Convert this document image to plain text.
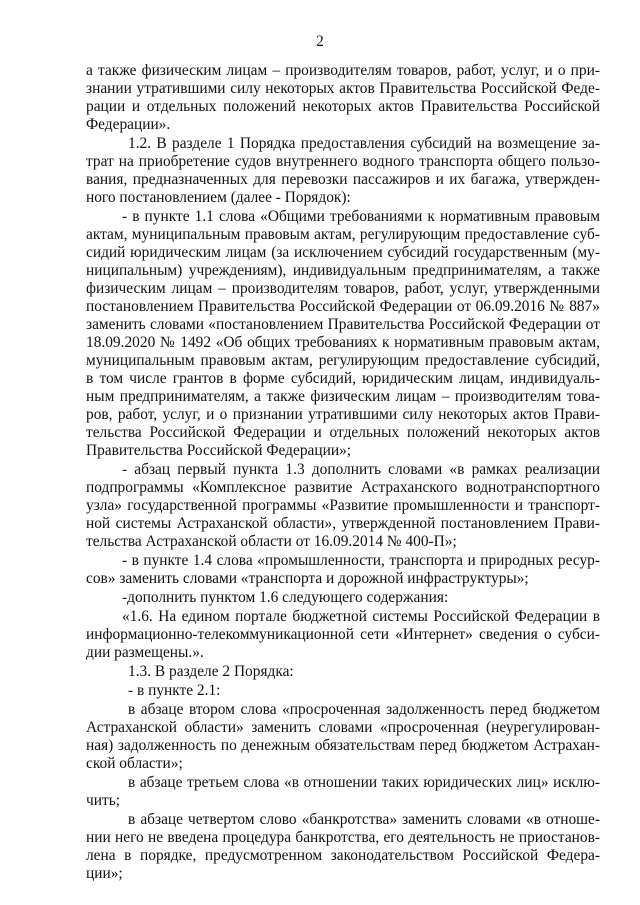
2

а также физическим лицам – производителям товаров, работ, услуг, и о признании утратившими силу некоторых актов Правительства Российской Федерации и отдельных положений некоторых актов Правительства Российской Федерации».

1.2. В разделе 1 Порядка предоставления субсидий на возмещение затрат на приобретение судов внутреннего водного транспорта общего пользования, предназначенных для перевозки пассажиров и их багажа, утвержденного постановлением (далее - Порядок):

- в пункте 1.1 слова «Общими требованиями к нормативным правовым актам, муниципальным правовым актам, регулирующим предоставление субсидий юридическим лицам (за исключением субсидий государственным (муниципальным) учреждениям), индивидуальным предпринимателям, а также физическим лицам – производителям товаров, работ, услуг, утвержденными постановлением Правительства Российской Федерации от 06.09.2016 № 887» заменить словами «постановлением Правительства Российской Федерации от 18.09.2020 № 1492 «Об общих требованиях к нормативным правовым актам, муниципальным правовым актам, регулирующим предоставление субсидий, в том числе грантов в форме субсидий, юридическим лицам, индивидуальным предпринимателям, а также физическим лицам – производителям товаров, работ, услуг, и о признании утратившими силу некоторых актов Правительства Российской Федерации и отдельных положений некоторых актов Правительства Российской Федерации»;

- абзац первый пункта 1.3 дополнить словами «в рамках реализации подпрограммы «Комплексное развитие Астраханского воднотранспортного узла» государственной программы «Развитие промышленности и транспортной системы Астраханской области», утвержденной постановлением Правительства Астраханской области от 16.09.2014 № 400-П»;

- в пункте 1.4 слова «промышленности, транспорта и природных ресурсов» заменить словами «транспорта и дорожной инфраструктуры»;

-дополнить пунктом 1.6 следующего содержания:

«1.6. На едином портале бюджетной системы Российской Федерации в информационно-телекоммуникационной сети «Интернет» сведения о субсидии размещены.».

1.3. В разделе 2 Порядка:

- в пункте 2.1:

в абзаце втором слова «просроченная задолженность перед бюджетом Астраханской области» заменить словами «просроченная (неурегулированная) задолженность по денежным обязательствам перед бюджетом Астраханской области»;

в абзаце третьем слова «в отношении таких юридических лиц» исключить;

в абзаце четвертом слово «банкротства» заменить словами «в отношении него не введена процедура банкротства, его деятельность не приостановлена в порядке, предусмотренном законодательством Российской Федерации»;
